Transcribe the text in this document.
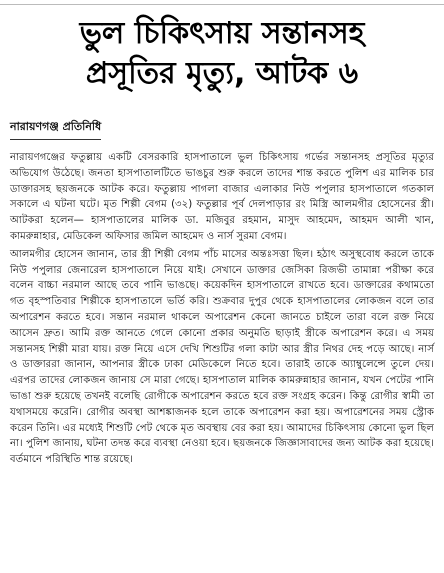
ভুল চিকিৎসায় সন্তানসহ
প্রসূতির মৃত্যু, আটক ৬
নারায়ণগঞ্জ প্রতিনিধি

নারায়ণগঞ্জের ফতুল্লায় একটি বেসরকারি হাসপাতালে ভুল চিকিৎসায় গর্ভের সন্তানসহ প্রসূতির মৃত্যুর অভিযোগ উঠেছে। জনতা হাসপাতালটিতে ভাঙচুর শুরু করলে তাদের শান্ত করতে পুলিশ এর মালিক চার ডাক্তারসহ ছয়জনকে আটক করে। ফতুল্লায় পাগলা বাজার এলাকার নিউ পপুলার হাসপাতালে গতকাল সকালে এ ঘটনা ঘটে। মৃত শিল্পী বেগম (৩২) ফতুল্লার পূর্ব দেলপাড়ার রং মিস্ত্রি আলমগীর হোসেনের স্ত্রী। আটকরা হলেন— হাসপাতালের মালিক ডা. মজিবুর রহমান, মাসুদ আহমেদ, আহমদ আলী খান, কামরুন্নাহার, মেডিকেল অফিসার জমিল আহমেদ ও নার্স সুরমা বেগম।

আলমগীর হোসেন জানান, তার স্ত্রী শিল্পী বেগম পাঁচ মাসের অন্তঃসত্তা ছিল। হঠাৎ অসুস্থবোধ করলে তাকে নিউ পপুলার জেনারেল হাসপাতালে নিয়ে যাই। সেখানে ডাক্তার জেসিকা রিজভী তামান্না পরীক্ষা করে বলেন বাচ্চা নরমাল আছে তবে পানি ভাঙছে। কয়েকদিন হাসপাতালে রাখতে হবে। ডাক্তারের কথামতো গত বৃহস্পতিবার শিল্পীকে হাসপাতালে ভর্তি করি। শুক্রবার দুপুর থেকে হাসপাতালের লোকজন বলে তার অপারেশন করতে হবে। সন্তান নরমাল থাকলে অপারেশন কেনো জানতে চাইলে তারা বলে রক্ত নিয়ে আসেন দ্রুত। আমি রক্ত আনতে গেলে কোনো প্রকার অনুমতি ছাড়াই স্ত্রীকে অপারেশন করে। এ সময় সন্তানসহ শিল্পী মারা যায়। রক্ত নিয়ে এসে দেখি শিশুটির গলা কাটা আর স্ত্রীর নিথর দেহ পড়ে আছে। নার্স ও ডাক্তাররা জানান, আপনার স্ত্রীকে ঢাকা মেডিকেলে নিতে হবে। তারাই তাকে অ্যাম্বুলেন্সে তুলে দেয়। এরপর তাদের লোকজন জানায় সে মারা গেছে। হাসপাতাল মালিক কামরুন্নাহার জানান, যখন পেটের পানি ভাঙা শুরু হয়েছে তখনই বলেছি রোগীকে অপারেশন করতে হবে রক্ত সংগ্রহ করেন। কিন্তু রোগীর স্বামী তা যথাসময়ে করেনি। রোগীর অবস্থা আশঙ্কাজনক হলে তাকে অপারেশন করা হয়। অপারেশনের সময় স্ট্রোক করেন তিনি। এর মধ্যেই শিশুটি পেট থেকে মৃত অবস্থায় বের করা হয়। আমাদের চিকিৎসায় কোনো ভুল ছিল না। পুলিশ জানায়, ঘটনা তদন্ত করে ব্যবস্থা নেওয়া হবে। ছয়জনকে জিজ্ঞাসাবাদের জন্য আটক করা হয়েছে। বর্তমানে পরিস্থিতি শান্ত রয়েছে।
